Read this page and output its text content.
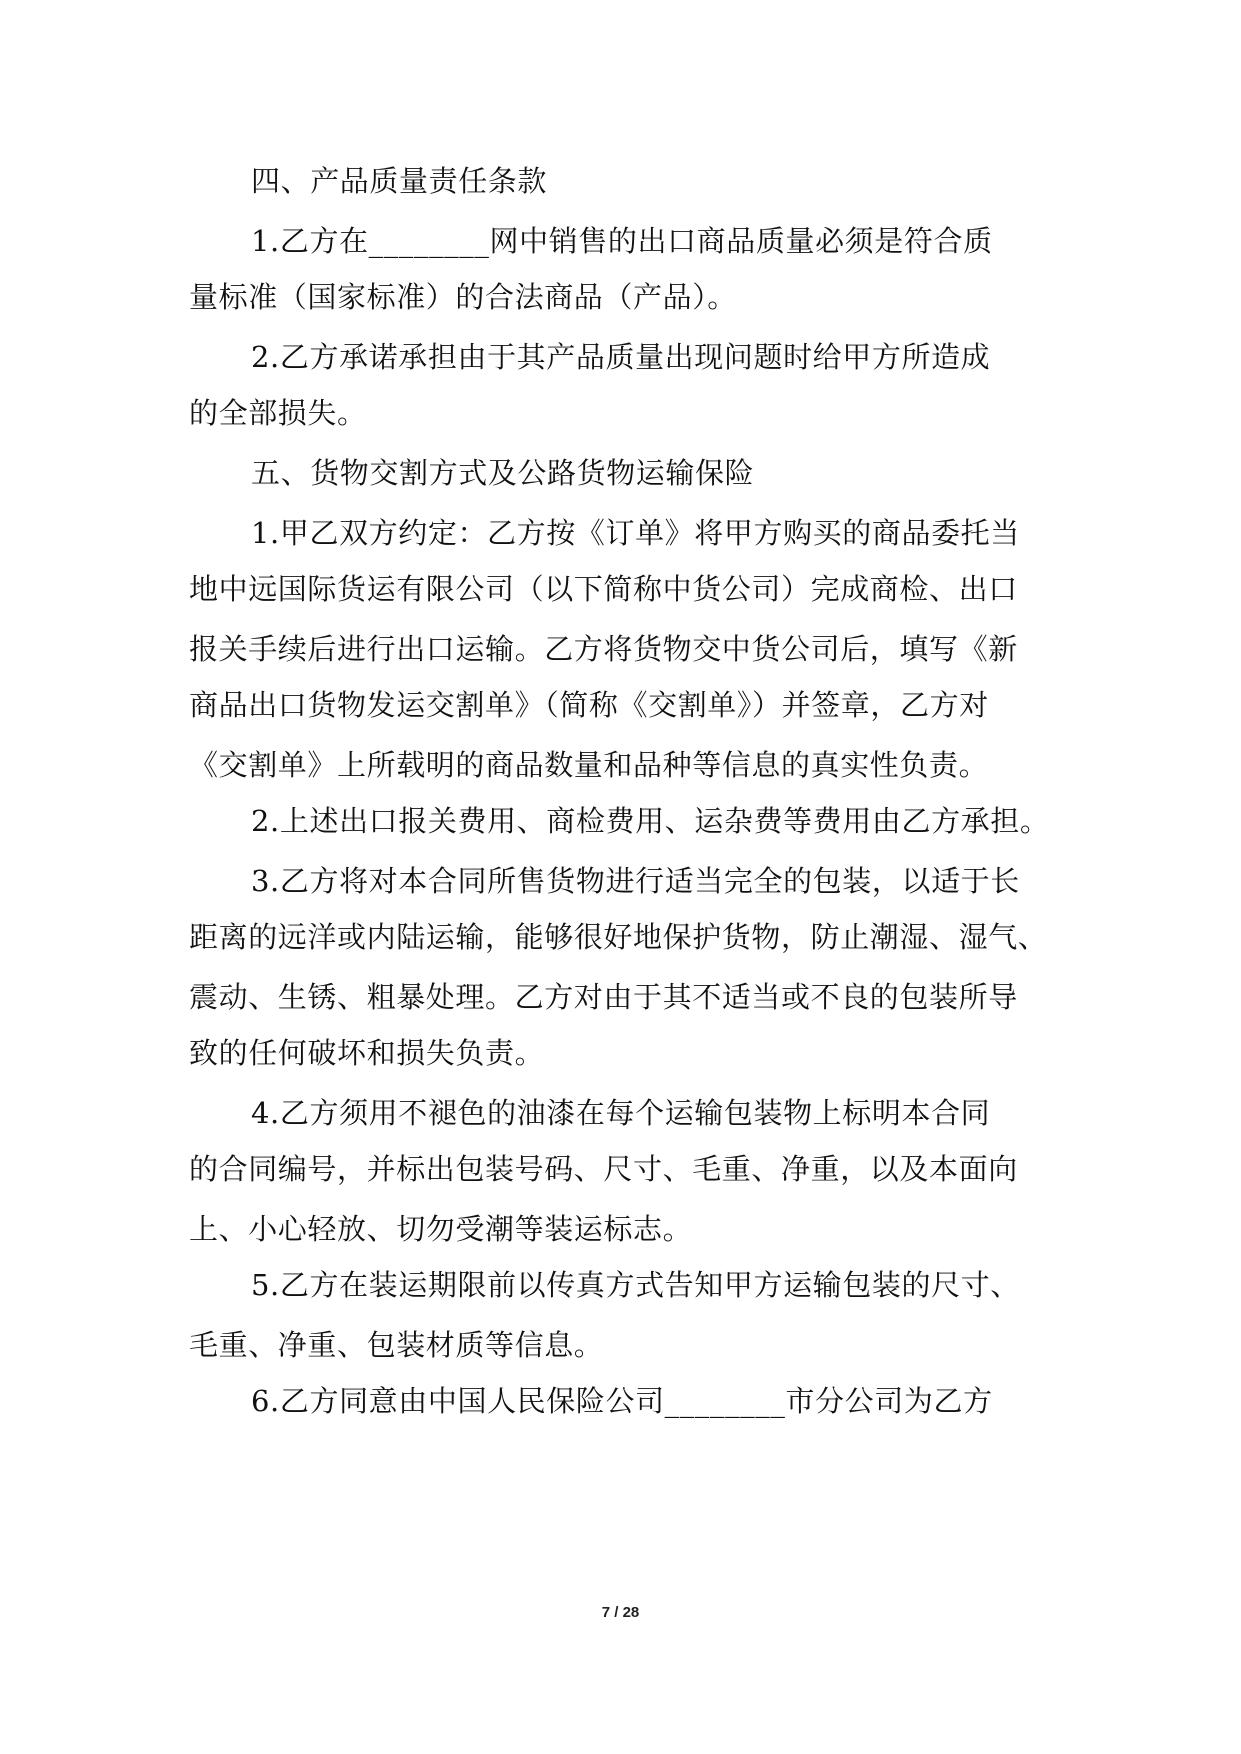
四、产品质量责任条款
1.乙方在________网中销售的出口商品质量必须是符合质
量标准（国家标准）的合法商品（产品）。
2.乙方承诺承担由于其产品质量出现问题时给甲方所造成
的全部损失。
五、货物交割方式及公路货物运输保险
1.甲乙双方约定：乙方按《订单》将甲方购买的商品委托当
地中远国际货运有限公司（以下简称中货公司）完成商检、出口
报关手续后进行出口运输。乙方将货物交中货公司后，填写《新
商品出口货物发运交割单》（简称《交割单》）并签章，乙方对
《交割单》上所载明的商品数量和品种等信息的真实性负责。
2.上述出口报关费用、商检费用、运杂费等费用由乙方承担。
3.乙方将对本合同所售货物进行适当完全的包装，以适于长
距离的远洋或内陆运输，能够很好地保护货物，防止潮湿、湿气、
震动、生锈、粗暴处理。乙方对由于其不适当或不良的包装所导
致的任何破坏和损失负责。
4.乙方须用不褪色的油漆在每个运输包装物上标明本合同
的合同编号，并标出包装号码、尺寸、毛重、净重，以及本面向
上、小心轻放、切勿受潮等装运标志。
5.乙方在装运期限前以传真方式告知甲方运输包装的尺寸、
毛重、净重、包装材质等信息。
6.乙方同意由中国人民保险公司________市分公司为乙方
7 / 28
